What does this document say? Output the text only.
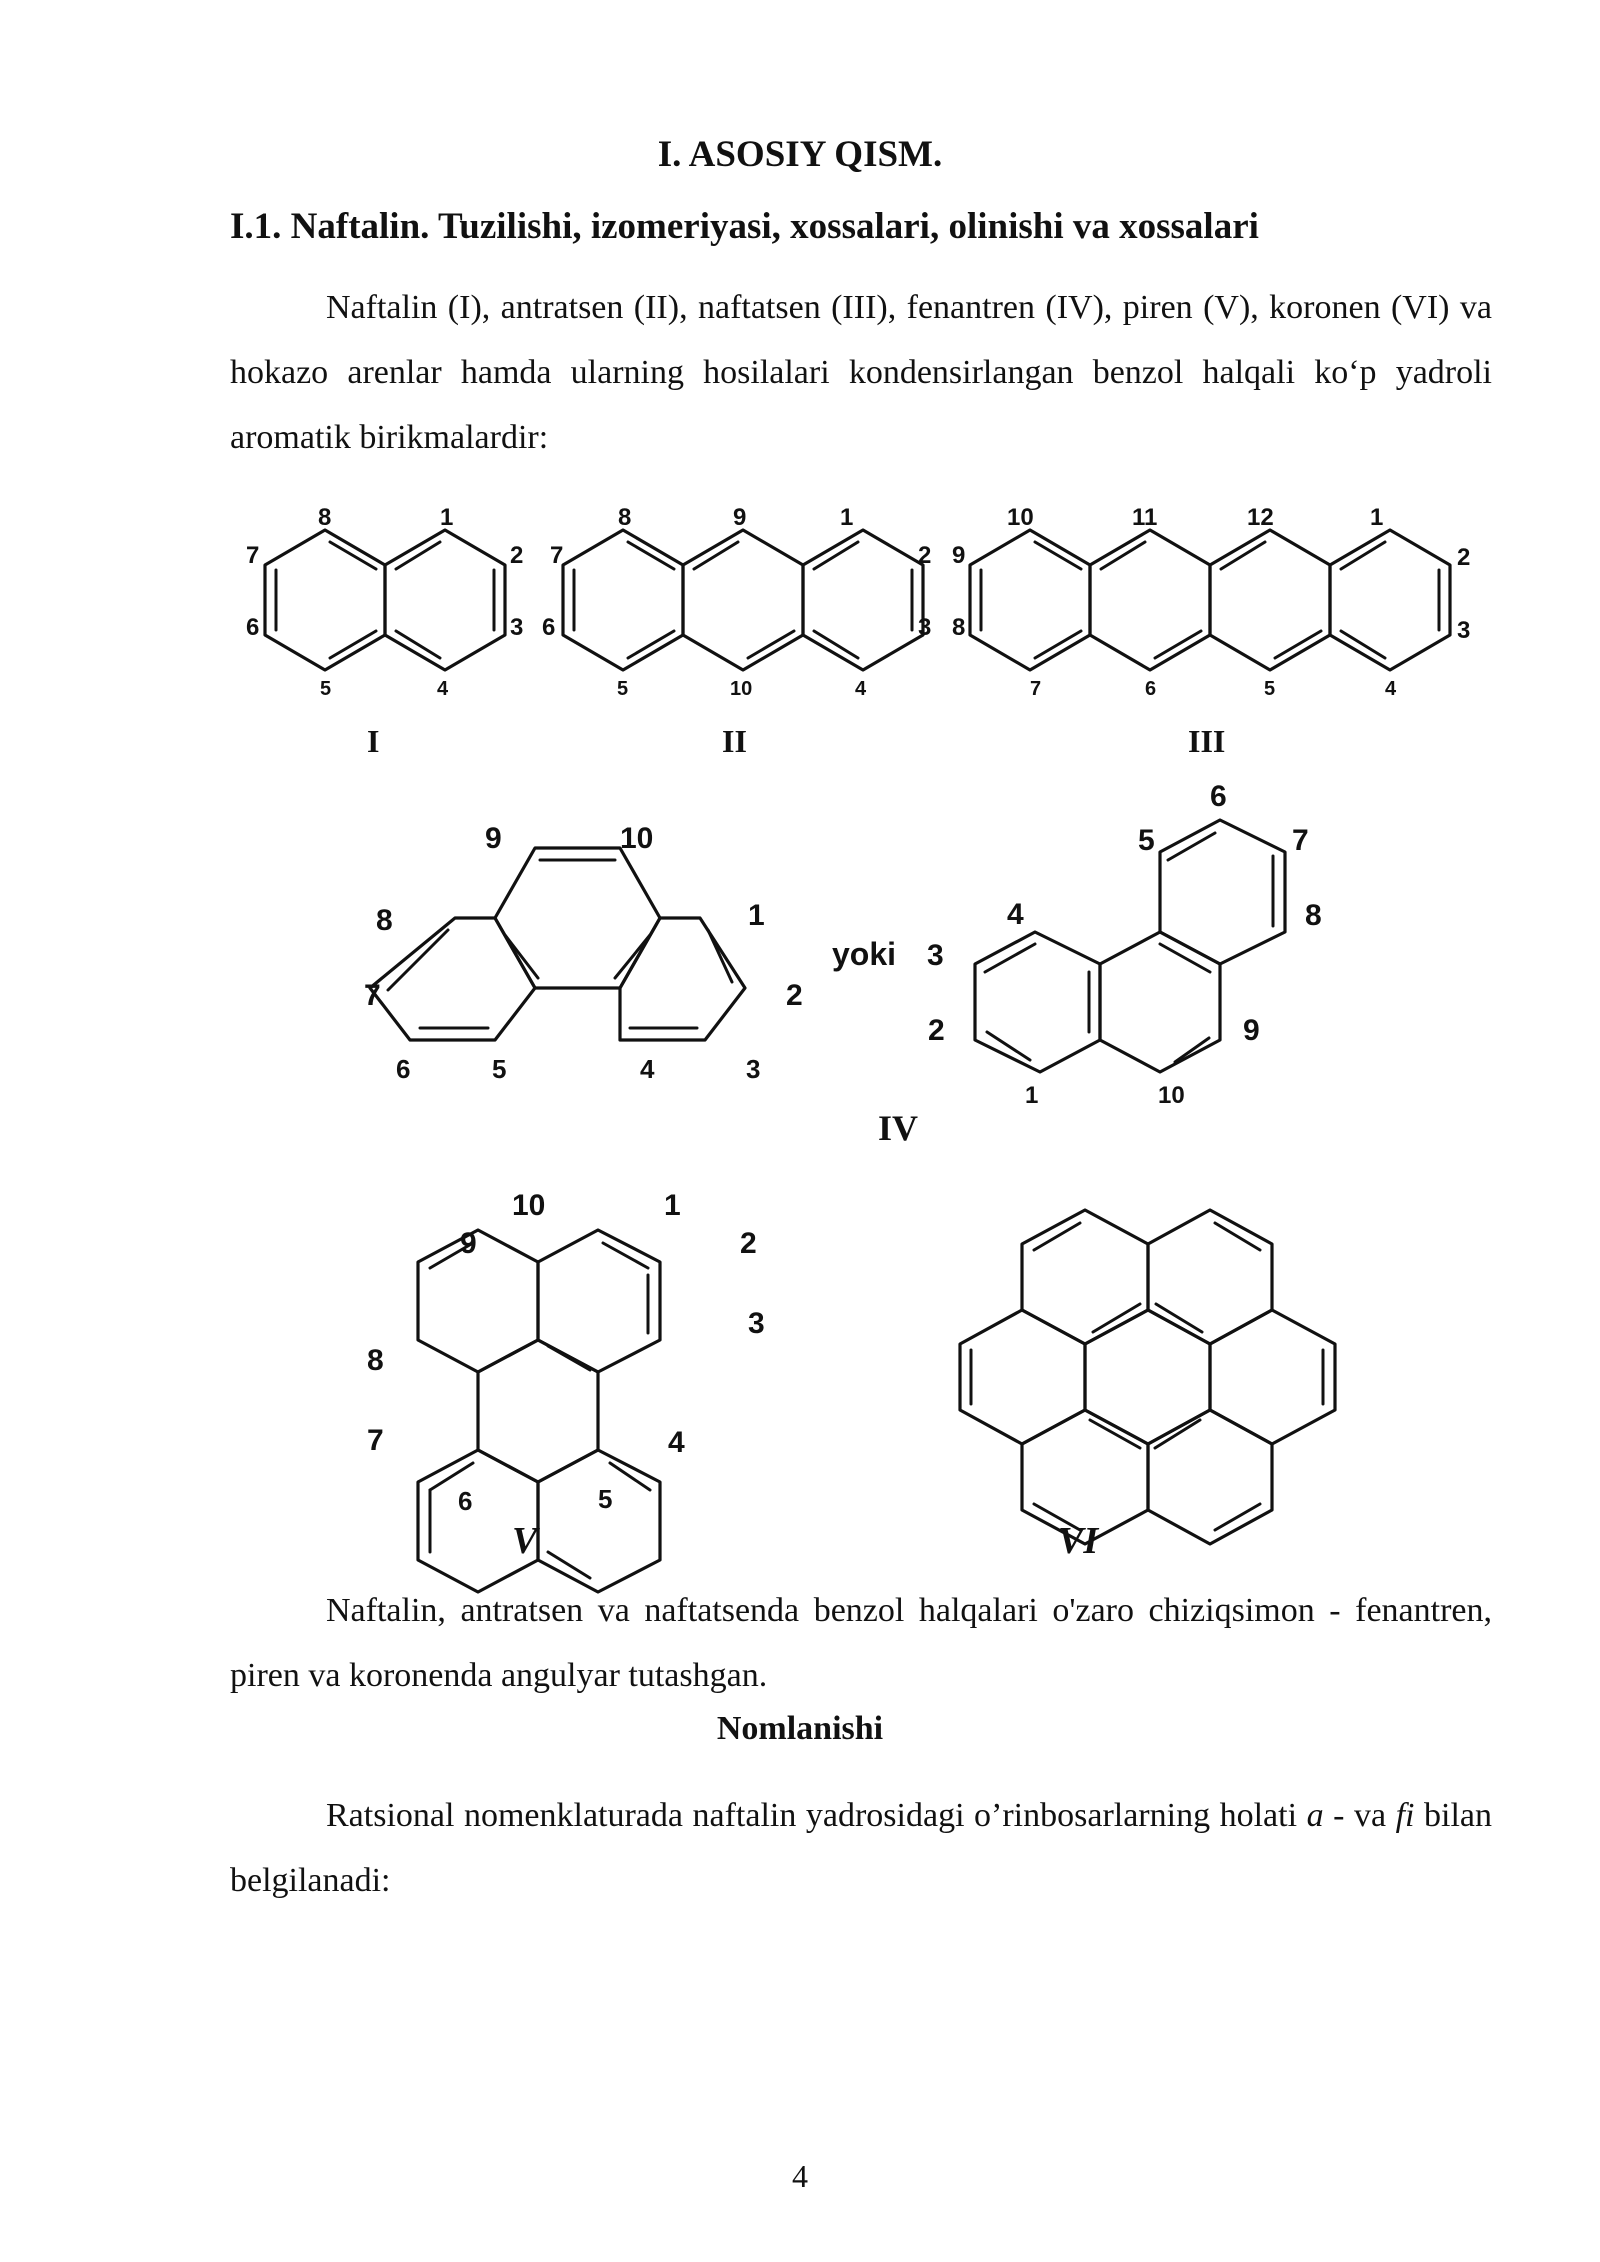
I. ASOSIY QISM.

I.1. Naftalin. Tuzilishi, izomeriyasi, xossalari, olinishi va xossalari

Naftalin (I), antratsen (II), naftatsen (III), fenantren (IV), piren (V), koronen (VI) va hokazo arenlar hamda ularning hosilalari kondensirlangan benzol halqali ko‘p yadroli aromatik birikmalardir:

8	1
2
3
4
5
6
7
I
8	9	1
2
3
4
10
5
6
7
II
10	11	12	1
2
3
4
5
6
7
8
9
III
9	10
1
2
3
4
5
6
7
8
yoki
6
7
8
9
10
1
2
3
4
5
IV
10	1
2
3
4
5
6
7
8
9
V	VI

Naftalin, antratsen va naftatsenda benzol halqalari o'zaro chiziqsimon - fenantren, piren va koronenda angulyar tutashgan.

Nomlanishi

Ratsional nomenklaturada naftalin yadrosidagi o’rinbosarlarning holati a - va fi bilan belgilanadi:

4
